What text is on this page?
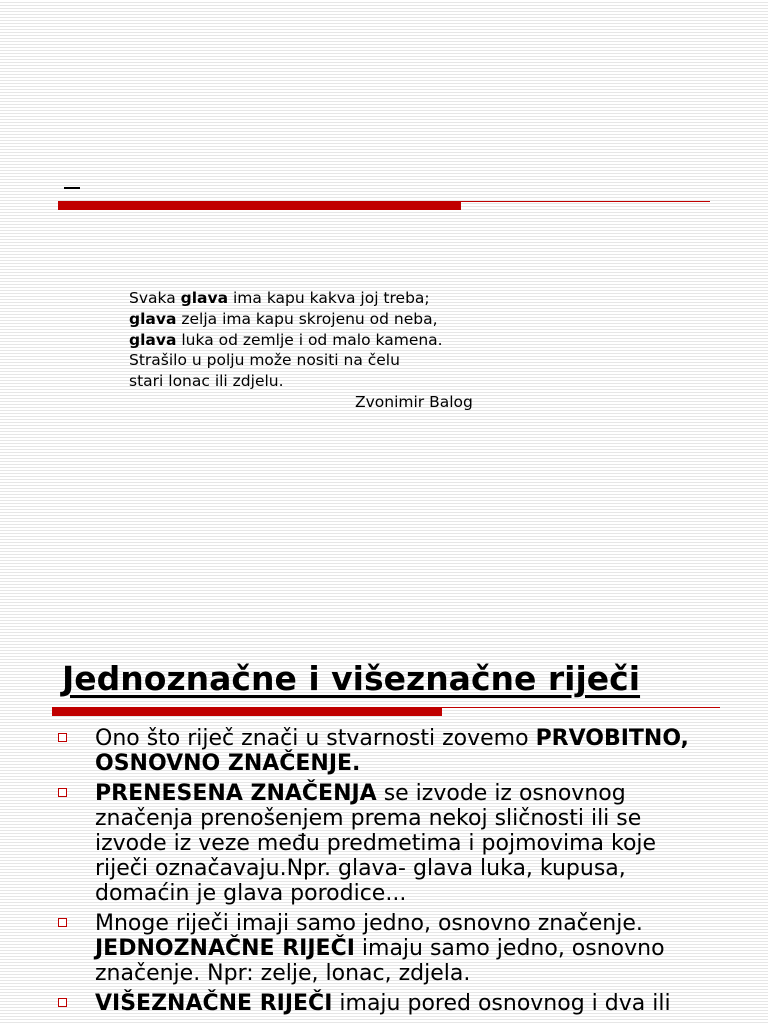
Svaka glava ima kapu kakva joj treba;
glava zelja ima kapu skrojenu od neba,
glava luka od zemlje i od malo kamena.
Strašilo u polju može nositi na čelu
stari lonac ili zdjelu.
Zvonimir Balog
Jednoznačne i višeznačne riječi
Ono što riječ znači u stvarnosti zovemo PRVOBITNO, OSNOVNO ZNAČENJE.
PRENESENA ZNAČENJA se izvode iz osnovnog značenja prenošenjem prema nekoj sličnosti ili se izvode iz veze među predmetima i pojmovima koje riječi označavaju.Npr. glava- glava luka, kupusa, domaćin je glava porodice...
Mnoge riječi imaji samo jedno, osnovno značenje. JEDNOZNAČNE RIJEČI imaju samo jedno, osnovno značenje. Npr: zelje, lonac, zdjela.
VIŠEZNAČNE RIJEČI imaju pored osnovnog i dva ili
